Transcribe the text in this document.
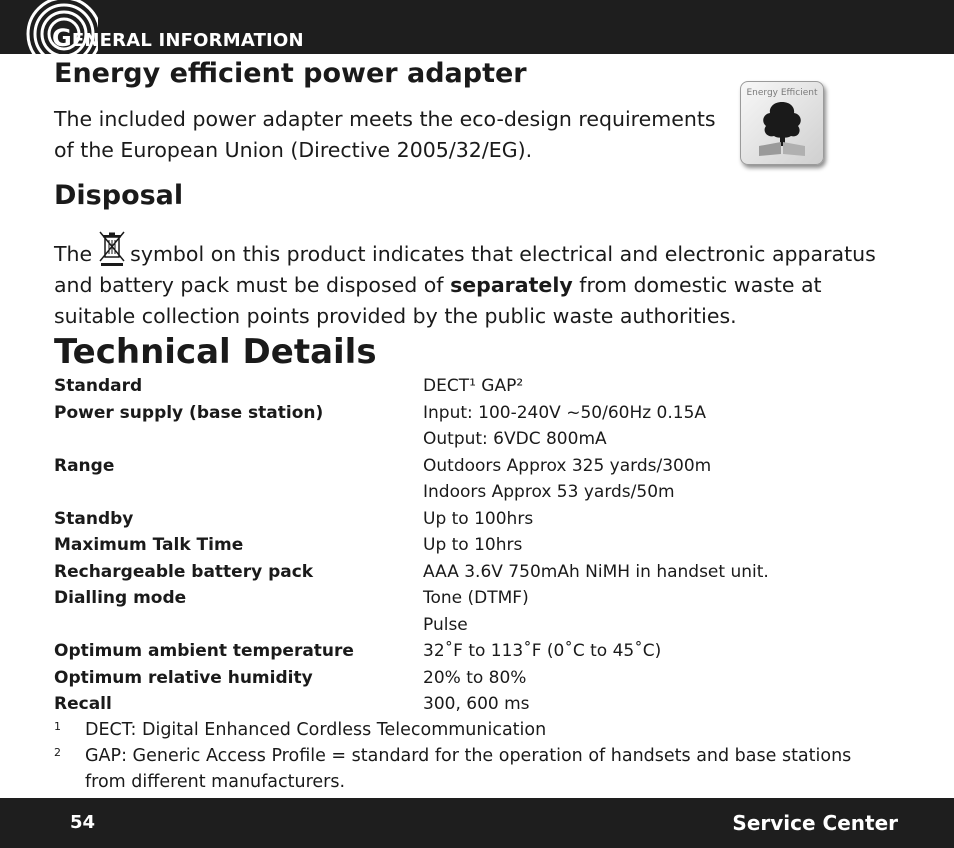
GENERAL INFORMATION
Energy efficient power adapter
The included power adapter meets the eco-design requirements
of the European Union (Directive 2005/32/EG).
Energy Efficient
Disposal
The symbol on this product indicates that electrical and electronic apparatus
and battery pack must be disposed of separately from domestic waste at
suitable collection points provided by the public waste authorities.
Technical Details
Standard	DECT¹ GAP²
Power supply (base station)	Input: 100-240V ~50/60Hz 0.15A
Output: 6VDC 800mA
Range	Outdoors Approx 325 yards/300m
Indoors Approx 53 yards/50m
Standby	Up to 100hrs
Maximum Talk Time	Up to 10hrs
Rechargeable battery pack	AAA 3.6V 750mAh NiMH in handset unit.
Dialling mode	Tone (DTMF)
Pulse
Optimum ambient temperature	32˚F to 113˚F (0˚C to 45˚C)
Optimum relative humidity	20% to 80%
Recall	300, 600 ms
1 DECT: Digital Enhanced Cordless Telecommunication
2 GAP: Generic Access Profile = standard for the operation of handsets and base stations
from different manufacturers.
54	Service Center
